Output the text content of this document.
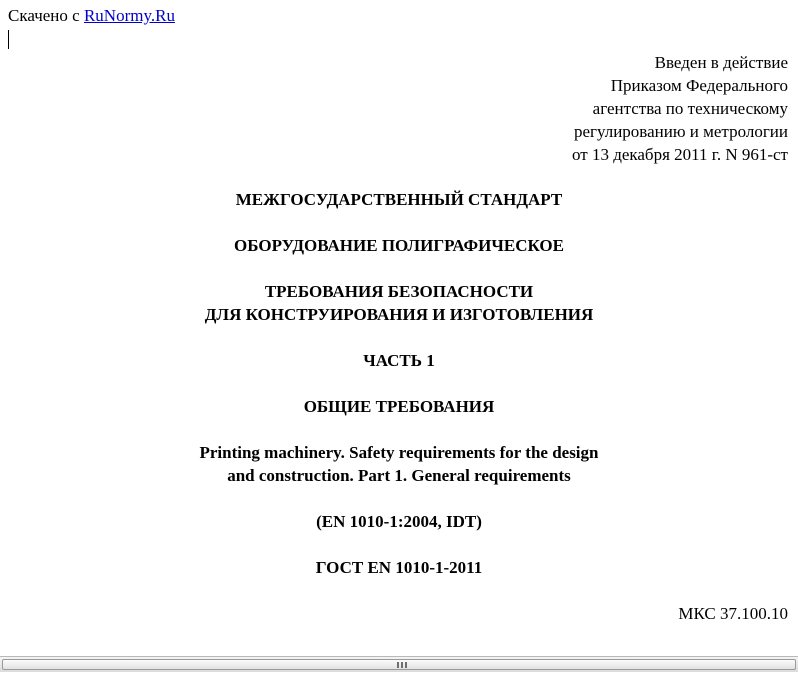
Скачено с RuNormy.Ru
Введен в действие
Приказом Федерального
агентства по техническому
регулированию и метрологии
от 13 декабря 2011 г. N 961-ст
МЕЖГОСУДАРСТВЕННЫЙ СТАНДАРТ
ОБОРУДОВАНИЕ ПОЛИГРАФИЧЕСКОЕ
ТРЕБОВАНИЯ БЕЗОПАСНОСТИ
ДЛЯ КОНСТРУИРОВАНИЯ И ИЗГОТОВЛЕНИЯ
ЧАСТЬ 1
ОБЩИЕ ТРЕБОВАНИЯ
Printing machinery. Safety requirements for the design
and construction. Part 1. General requirements
(EN 1010-1:2004, IDT)
ГОСТ EN 1010-1-2011
МКС 37.100.10
